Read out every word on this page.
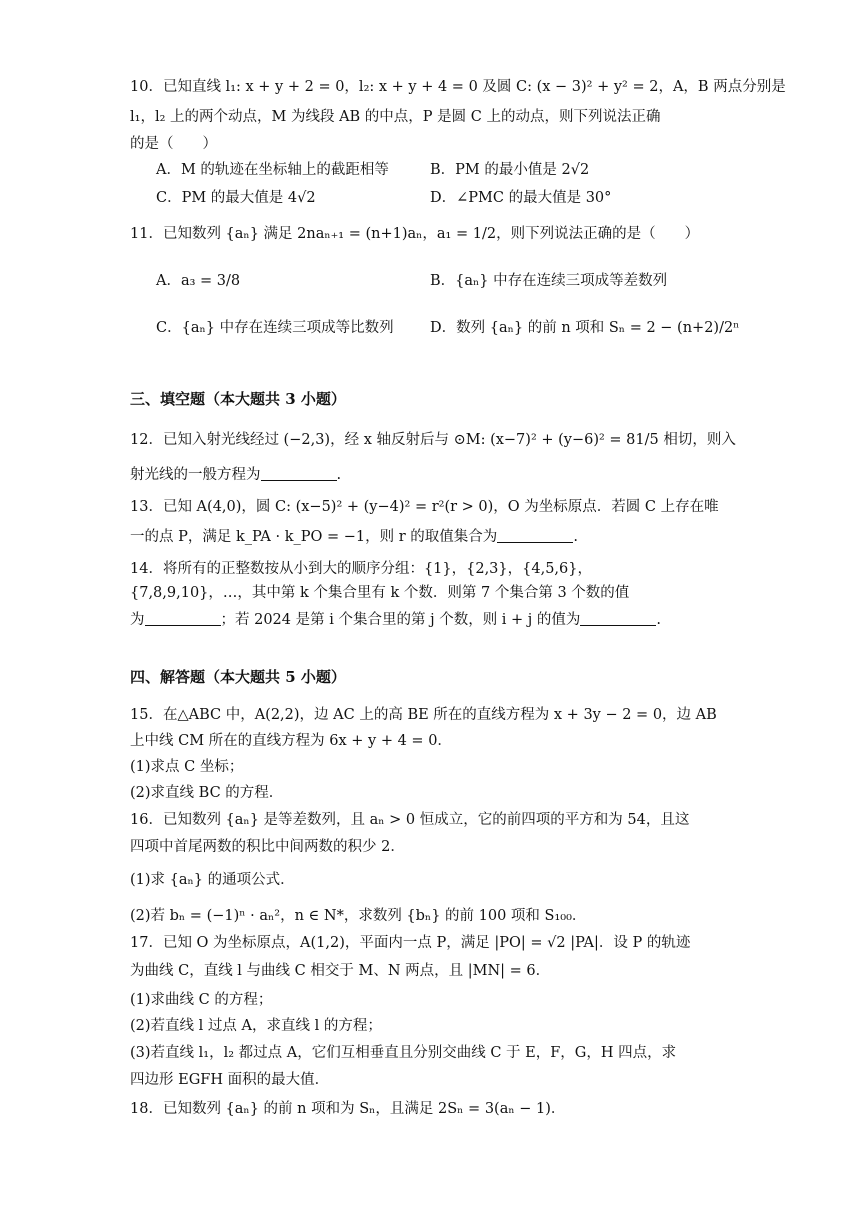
10．已知直线 l₁: x + y + 2 = 0，l₂: x + y + 4 = 0 及圆 C: (x − 3)² + y² = 2，A，B 两点分别是
l₁，l₂ 上的两个动点，M 为线段 AB 的中点，P 是圆 C 上的动点，则下列说法正确
的是（　　）
A．M 的轨迹在坐标轴上的截距相等	B．PM 的最小值是 2√2
C．PM 的最大值是 4√2	D．∠PMC 的最大值是 30°
11．已知数列 {aₙ} 满足 2naₙ₊₁ = (n+1)aₙ，a₁ = 1/2，则下列说法正确的是（　　）
A．a₃ = 3/8	B．{aₙ} 中存在连续三项成等差数列
C．{aₙ} 中存在连续三项成等比数列	D．数列 {aₙ} 的前 n 项和 Sₙ = 2 − (n+2)/2ⁿ
三、填空题（本大题共 3 小题）
12．已知入射光线经过 (−2,3)，经 x 轴反射后与 ⊙M: (x−7)² + (y−6)² = 81/5 相切，则入
射光线的一般方程为	.
13．已知 A(4,0)，圆 C: (x−5)² + (y−4)² = r²(r > 0)，O 为坐标原点．若圆 C 上存在唯
一的点 P，满足 k_PA · k_PO = −1，则 r 的取值集合为	.
14．将所有的正整数按从小到大的顺序分组：{1}，{2,3}，{4,5,6}，
{7,8,9,10}，…，其中第 k 个集合里有 k 个数．则第 7 个集合第 3 个数的值
为	；若 2024 是第 i 个集合里的第 j 个数，则 i + j 的值为	.
四、解答题（本大题共 5 小题）
15．在△ABC 中，A(2,2)，边 AC 上的高 BE 所在的直线方程为 x + 3y − 2 = 0，边 AB
上中线 CM 所在的直线方程为 6x + y + 4 = 0．
(1)求点 C 坐标；
(2)求直线 BC 的方程．
16．已知数列 {aₙ} 是等差数列，且 aₙ > 0 恒成立，它的前四项的平方和为 54，且这
四项中首尾两数的积比中间两数的积少 2．
(1)求 {aₙ} 的通项公式．
(2)若 bₙ = (−1)ⁿ · aₙ²，n ∈ N*，求数列 {bₙ} 的前 100 项和 S₁₀₀．
17．已知 O 为坐标原点，A(1,2)，平面内一点 P，满足 |PO| = √2 |PA|．设 P 的轨迹
为曲线 C，直线 l 与曲线 C 相交于 M、N 两点，且 |MN| = 6．
(1)求曲线 C 的方程；
(2)若直线 l 过点 A，求直线 l 的方程；
(3)若直线 l₁，l₂ 都过点 A，它们互相垂直且分别交曲线 C 于 E，F，G，H 四点，求
四边形 EGFH 面积的最大值．
18．已知数列 {aₙ} 的前 n 项和为 Sₙ，且满足 2Sₙ = 3(aₙ − 1)．
